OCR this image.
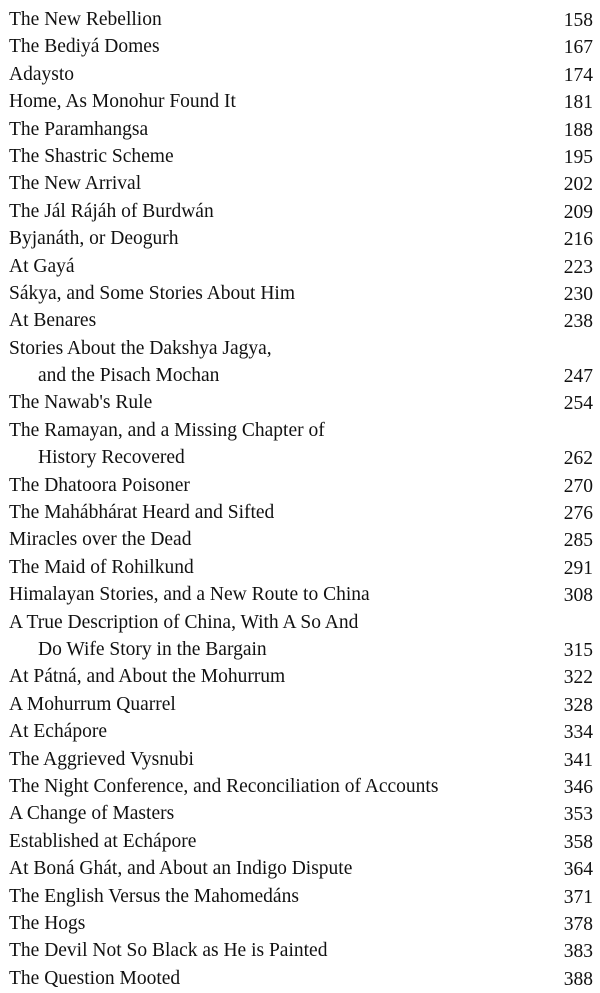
The New Rebellion	158
The Bediyá Domes	167
Adaysto	174
Home, As Monohur Found It	181
The Paramhangsa	188
The Shastric Scheme	195
The New Arrival	202
The Jál Rájáh of Burdwán	209
Byjanáth, or Deogurh	216
At Gayá	223
Sákya, and Some Stories About Him	230
At Benares	238
Stories About the Dakshya Jagya,
and the Pisach Mochan	247
The Nawab's Rule	254
The Ramayan, and a Missing Chapter of
History Recovered	262
The Dhatoora Poisoner	270
The Mahábhárat Heard and Sifted	276
Miracles over the Dead	285
The Maid of Rohilkund	291
Himalayan Stories, and a New Route to China	308
A True Description of China, With A So And
Do Wife Story in the Bargain	315
At Pátná, and About the Mohurrum	322
A Mohurrum Quarrel	328
At Echápore	334
The Aggrieved Vysnubi	341
The Night Conference, and Reconciliation of Accounts	346
A Change of Masters	353
Established at Echápore	358
At Boná Ghát, and About an Indigo Dispute	364
The English Versus the Mahomedáns	371
The Hogs	378
The Devil Not So Black as He is Painted	383
The Question Mooted	388
